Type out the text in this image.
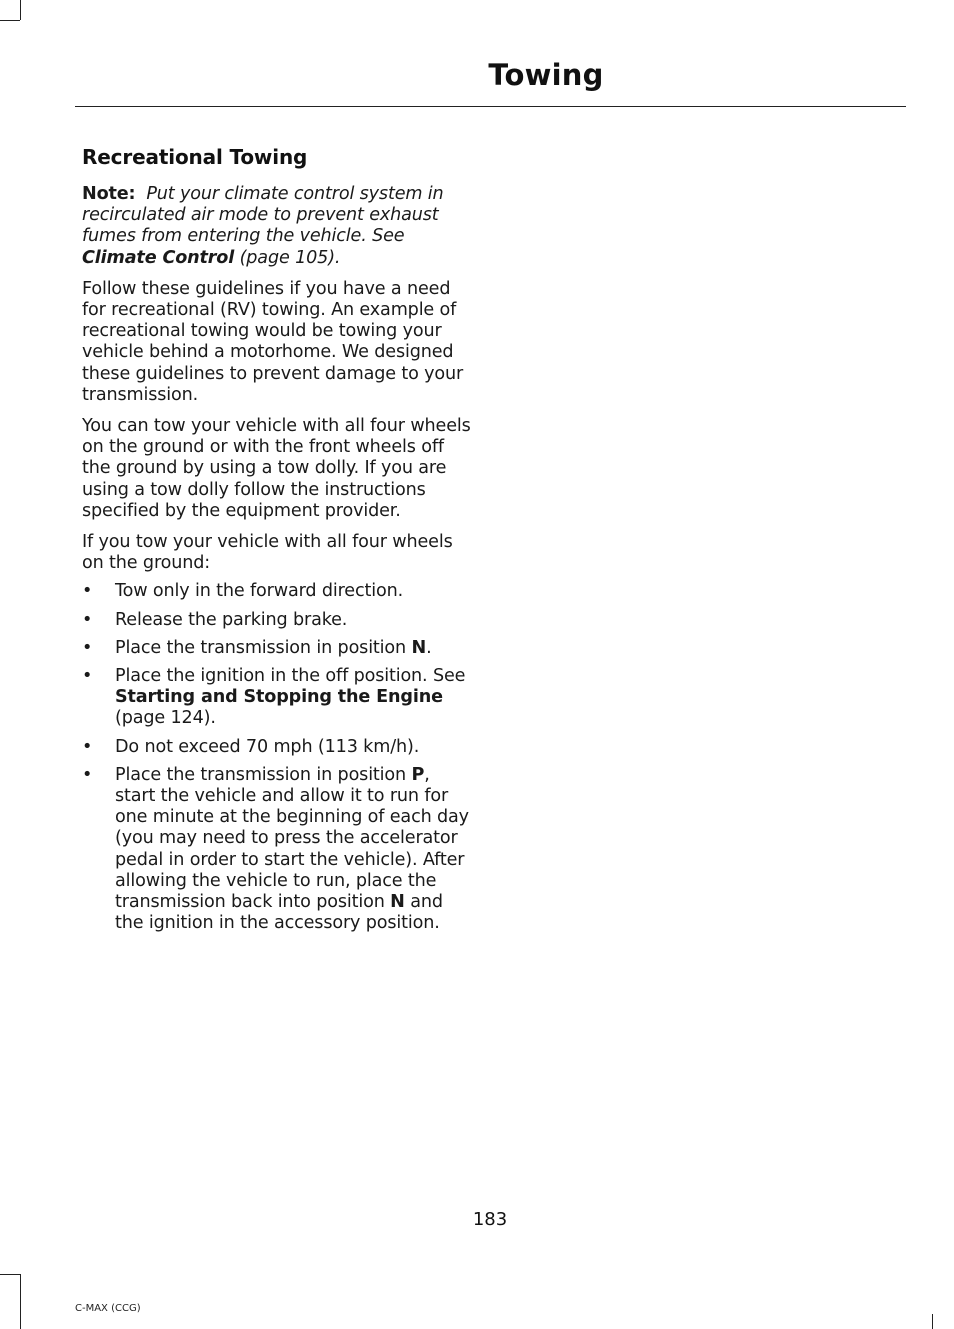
Towing
Recreational Towing

Note: Put your climate control system in recirculated air mode to prevent exhaust fumes from entering the vehicle. See Climate Control (page 105).

Follow these guidelines if you have a need for recreational (RV) towing. An example of recreational towing would be towing your vehicle behind a motorhome. We designed these guidelines to prevent damage to your transmission.

You can tow your vehicle with all four wheels on the ground or with the front wheels off the ground by using a tow dolly. If you are using a tow dolly follow the instructions specified by the equipment provider.

If you tow your vehicle with all four wheels on the ground:

• Tow only in the forward direction.
• Release the parking brake.
• Place the transmission in position N.
• Place the ignition in the off position. See Starting and Stopping the Engine (page 124).
• Do not exceed 70 mph (113 km/h).
• Place the transmission in position P, start the vehicle and allow it to run for one minute at the beginning of each day (you may need to press the accelerator pedal in order to start the vehicle). After allowing the vehicle to run, place the transmission back into position N and the ignition in the accessory position.
183
C-MAX (CCG)
